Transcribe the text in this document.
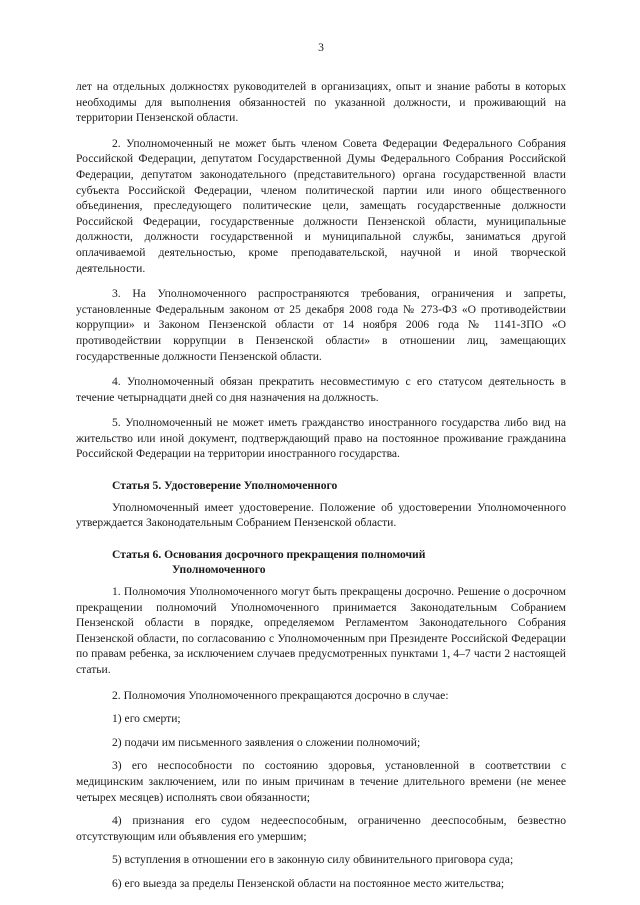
3

лет на отдельных должностях руководителей в организациях, опыт и знание работы в которых необходимы для выполнения обязанностей по указанной должности, и проживающий на территории Пензенской области.

2. Уполномоченный не может быть членом Совета Федерации Федерального Собрания Российской Федерации, депутатом Государственной Думы Федерального Собрания Российской Федерации, депутатом законодательного (представительного) органа государственной власти субъекта Российской Федерации, членом политической партии или иного общественного объединения, преследующего политические цели, замещать государственные должности Российской Федерации, государственные должности Пензенской области, муниципальные должности, должности государственной и муниципальной службы, заниматься другой оплачиваемой деятельностью, кроме преподавательской, научной и иной творческой деятельности.

3. На Уполномоченного распространяются требования, ограничения и запреты, установленные Федеральным законом от 25 декабря 2008 года № 273-ФЗ «О противодействии коррупции» и Законом Пензенской области от 14 ноября 2006 года № 1141-ЗПО «О противодействии коррупции в Пензенской области» в отношении лиц, замещающих государственные должности Пензенской области.

4. Уполномоченный обязан прекратить несовместимую с его статусом деятельность в течение четырнадцати дней со дня назначения на должность.

5. Уполномоченный не может иметь гражданство иностранного государства либо вид на жительство или иной документ, подтверждающий право на постоянное проживание гражданина Российской Федерации на территории иностранного государства.

Статья 5. Удостоверение Уполномоченного

Уполномоченный имеет удостоверение. Положение об удостоверении Уполномоченного утверждается Законодательным Собранием Пензенской области.

Статья 6. Основания досрочного прекращения полномочий
Уполномоченного

1. Полномочия Уполномоченного могут быть прекращены досрочно. Решение о досрочном прекращении полномочий Уполномоченного принимается Законодательным Собранием Пензенской области в порядке, определяемом Регламентом Законодательного Собрания Пензенской области, по согласованию с Уполномоченным при Президенте Российской Федерации по правам ребенка, за исключением случаев предусмотренных пунктами 1, 4–7 части 2 настоящей статьи.

2. Полномочия Уполномоченного прекращаются досрочно в случае:

1) его смерти;

2) подачи им письменного заявления о сложении полномочий;

3) его неспособности по состоянию здоровья, установленной в соответствии с медицинским заключением, или по иным причинам в течение длительного времени (не менее четырех месяцев) исполнять свои обязанности;

4) признания его судом недееспособным, ограниченно дееспособным, безвестно отсутствующим или объявления его умершим;

5) вступления в отношении его в законную силу обвинительного приговора суда;

6) его выезда за пределы Пензенской области на постоянное место жительства;
